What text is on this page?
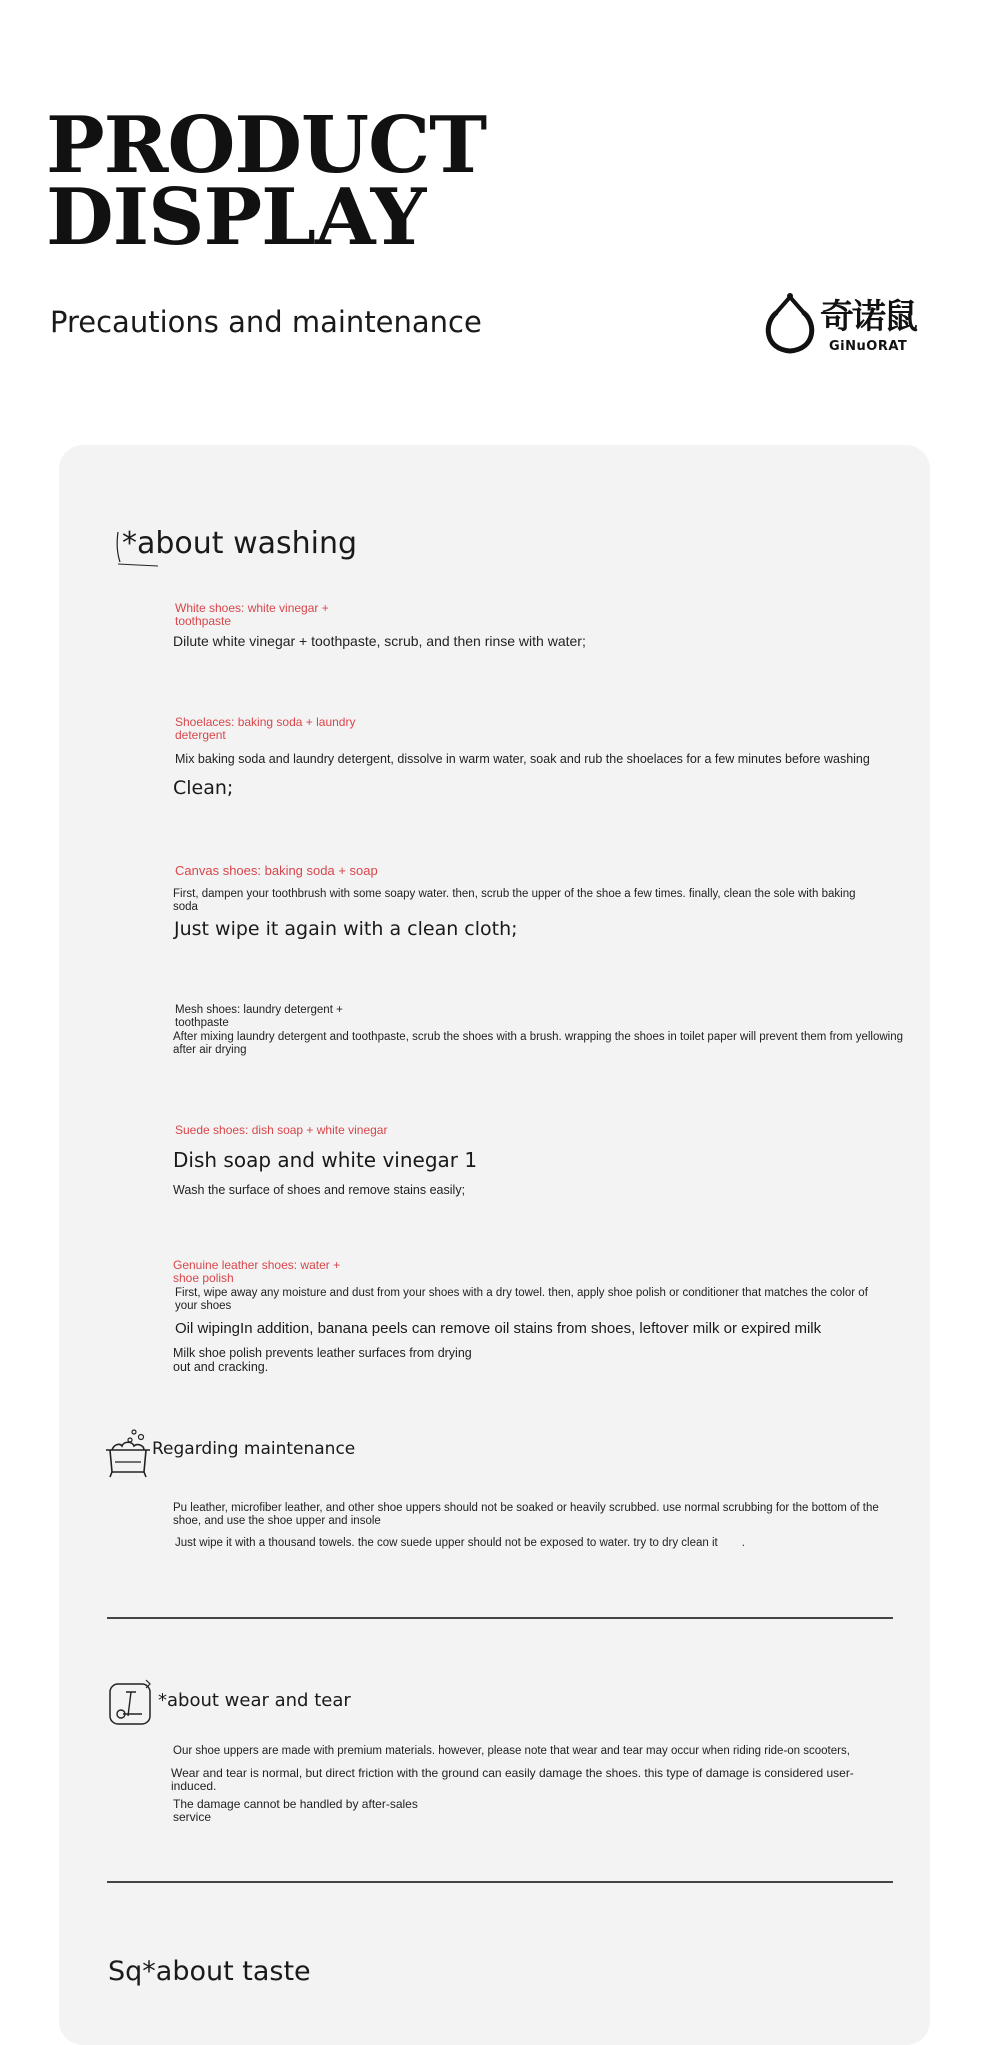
PRODUCT
DISPLAY
Precautions and maintenance	奇诺鼠
GiNuORAT
*about washing
White shoes: white vinegar + toothpaste
Dilute white vinegar + toothpaste, scrub, and then rinse with water;
Shoelaces: baking soda + laundry detergent
Mix baking soda and laundry detergent, dissolve in warm water, soak and rub the shoelaces for a few minutes before washing
Clean;
Canvas shoes: baking soda + soap
First, dampen your toothbrush with some soapy water. then, scrub the upper of the shoe a few times. finally, clean the sole with baking soda
Just wipe it again with a clean cloth;
Mesh shoes: laundry detergent + toothpaste
After mixing laundry detergent and toothpaste, scrub the shoes with a brush. wrapping the shoes in toilet paper will prevent them from yellowing after air drying
Suede shoes: dish soap + white vinegar
Dish soap and white vinegar 1
Wash the surface of shoes and remove stains easily;
Genuine leather shoes: water + shoe polish
First, wipe away any moisture and dust from your shoes with a dry towel. then, apply shoe polish or conditioner that matches the color of your shoes
Oil wipingIn addition, banana peels can remove oil stains from shoes, leftover milk or expired milk
Milk shoe polish prevents leather surfaces from drying out and cracking.
Regarding maintenance
Pu leather, microfiber leather, and other shoe uppers should not be soaked or heavily scrubbed. use normal scrubbing for the bottom of the shoe, and use the shoe upper and insole
Just wipe it with a thousand towels. the cow suede upper should not be exposed to water. try to dry clean it .
*about wear and tear
Our shoe uppers are made with premium materials. however, please note that wear and tear may occur when riding ride-on scooters,
Wear and tear is normal, but direct friction with the ground can easily damage the shoes. this type of damage is considered user-induced.
The damage cannot be handled by after-sales service
Sq*about taste
